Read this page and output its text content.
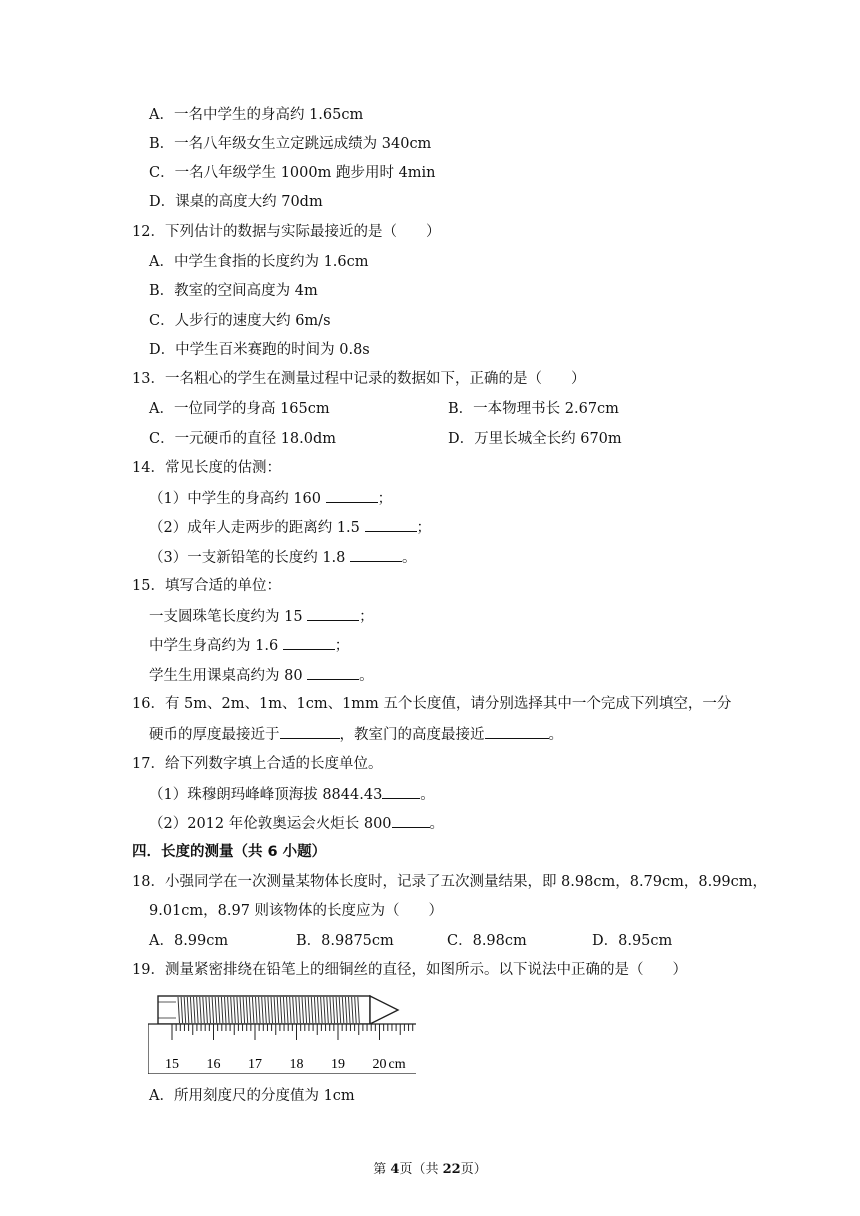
A．一名中学生的身高约 1.65cm
B．一名八年级女生立定跳远成绩为 340cm
C．一名八年级学生 1000m 跑步用时 4min
D．课桌的高度大约 70dm
12．下列估计的数据与实际最接近的是（　　）
A．中学生食指的长度约为 1.6cm
B．教室的空间高度为 4m
C．人步行的速度大约 6m/s
D．中学生百米赛跑的时间为 0.8s
13．一名粗心的学生在测量过程中记录的数据如下，正确的是（　　）
A．一位同学的身高 165cm	B．一本物理书长 2.67cm
C．一元硬币的直径 18.0dm	D．万里长城全长约 670m
14．常见长度的估测：
（1）中学生的身高约 160	；
（2）成年人走两步的距离约 1.5	；
（3）一支新铅笔的长度约 1.8	。
15．填写合适的单位：
一支圆珠笔长度约为 15	；
中学生身高约为 1.6	；
学生生用课桌高约为 80	。
16．有 5m、2m、1m、1cm、1mm 五个长度值，请分别选择其中一个完成下列填空，一分
硬币的厚度最接近于	，教室门的高度最接近	。
17．给下列数字填上合适的长度单位。
（1）珠穆朗玛峰峰顶海拔 8844.43	。
（2）2012 年伦敦奥运会火炬长 800	。
四．长度的测量（共 6 小题）
18．小强同学在一次测量某物体长度时，记录了五次测量结果，即 8.98cm，8.79cm，8.99cm，
9.01cm，8.97 则该物体的长度应为（　　）
A．8.99cm	B．8.9875cm	C．8.98cm	D．8.95cm
19．测量紧密排绕在铅笔上的细铜丝的直径，如图所示。以下说法中正确的是（　　）
15 16 17 18 19 20 cm
A．所用刻度尺的分度值为 1cm
第 4页（共 22页）
